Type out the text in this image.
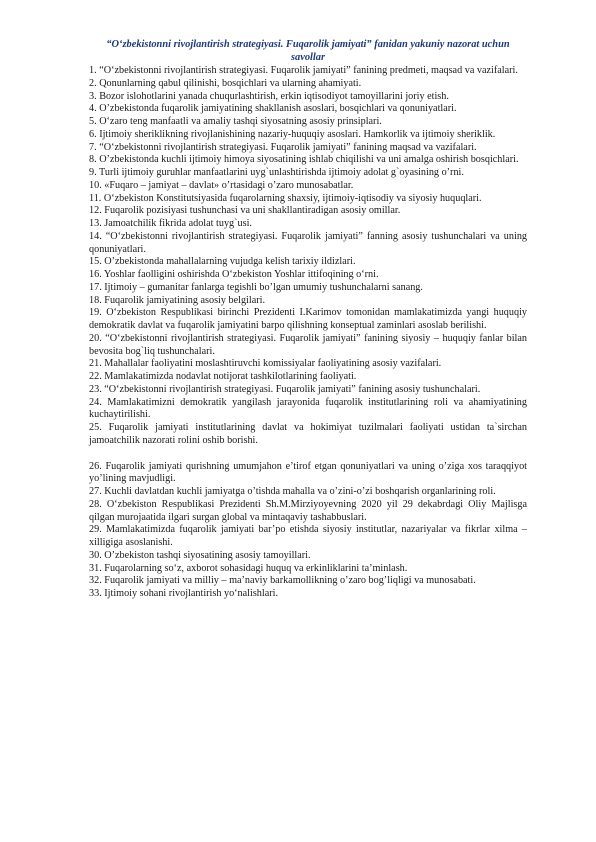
“O‘zbekistonni rivojlantirish strategiyasi. Fuqarolik jamiyati” fanidan yakuniy nazorat uchun savollar
1. “O‘zbekistonni rivojlantirish strategiyasi. Fuqarolik jamiyati” fanining predmeti, maqsad va vazifalari.
2. Qonunlarning qabul qilinishi, bosqichlari va ularning ahamiyati.
3. Bozor islohotlarini yanada chuqurlashtirish, erkin iqtisodiyot tamoyillarini joriy etish.
4. O’zbekistonda fuqarolik jamiyatining shakllanish asoslari, bosqichlari va qonuniyatlari.
5. O‘zaro teng manfaatli va amaliy tashqi siyosatning asosiy prinsiplari.
6. Ijtimoiy sheriklikning rivojlanishining nazariy-huquqiy asoslari. Hamkorlik va ijtimoiy sheriklik.
7. “O‘zbekistonni rivojlantirish strategiyasi. Fuqarolik jamiyati” fanining maqsad va vazifalari.
8. O’zbekistonda kuchli ijtimoiy himoya siyosatining ishlab chiqilishi va uni amalga oshirish bosqichlari.
9. Turli ijtimoiy guruhlar manfaatlarini uyg`unlashtirishda ijtimoiy adolat g`oyasining o’rni.
10. «Fuqaro – jamiyat – davlat» o’rtasidagi o’zaro munosabatlar.
11. O‘zbekiston Konstitutsiyasida fuqarolarning shaxsiy, ijtimoiy-iqtisodiy va siyosiy huquqlari.
12. Fuqarolik pozisiyasi tushunchasi va uni shakllantiradigan asosiy omillar.
13. Jamoatchilik fikrida adolat tuyg`usi.
14. “O‘zbekistonni rivojlantirish strategiyasi. Fuqarolik jamiyati” fanning asosiy tushunchalari va uning qonuniyatlari.
15. O’zbekistonda mahallalarning vujudga kelish tarixiy ildizlari.
16. Yoshlar faolligini oshirishda O‘zbekiston Yoshlar ittifoqining o‘rni.
17. Ijtimoiy – gumanitar fanlarga tegishli bo’lgan umumiy tushunchalarni sanang.
18. Fuqarolik jamiyatining asosiy belgilari.
19. O‘zbekiston Respublikasi birinchi Prezidenti I.Karimov tomonidan mamlakatimizda yangi huquqiy demokratik davlat va fuqarolik jamiyatini barpo qilishning konseptual zaminlari asoslab berilishi.
20. “O‘zbekistonni rivojlantirish strategiyasi. Fuqarolik jamiyati” fanining siyosiy – huquqiy fanlar bilan bevosita bog`liq tushunchalari.
21. Mahallalar faoliyatini moslashtiruvchi komissiyalar faoliyatining asosiy vazifalari.
22. Mamlakatimizda nodavlat notijorat tashkilotlarining faoliyati.
23. “O‘zbekistonni rivojlantirish strategiyasi. Fuqarolik jamiyati” fanining asosiy tushunchalari.
24. Mamlakatimizni demokratik yangilash jarayonida fuqarolik institutlarining roli va ahamiyatining kuchaytirilishi.
25. Fuqarolik jamiyati institutlarining davlat va hokimiyat tuzilmalari faoliyati ustidan ta`sirchan jamoatchilik nazorati rolini oshib borishi.
26. Fuqarolik jamiyati qurishning umumjahon e’tirof etgan qonuniyatlari va uning o’ziga xos taraqqiyot yo’lining mavjudligi.
27. Kuchli davlatdan kuchli jamiyatga o’tishda mahalla va o’zini-o’zi boshqarish organlarining roli.
28. O‘zbekiston Respublikasi Prezidenti Sh.M.Mirziyoyevning 2020 yil 29 dekabrdagi Oliy Majlisga qilgan murojaatida ilgari surgan global va mintaqaviy tashabbuslari.
29. Mamlakatimizda fuqarolik jamiyati bar’po etishda siyosiy institutlar, nazariyalar va fikrlar xilma – xilligiga asoslanishi.
30. O’zbekiston tashqi siyosatining asosiy tamoyillari.
31. Fuqarolarning so‘z, axborot sohasidagi huquq va erkinliklarini ta’minlash.
32. Fuqarolik jamiyati va milliy – ma’naviy barkamollikning o’zaro bog’liqligi va munosabati.
33. Ijtimoiy sohani rivojlantirish yo‘nalishlari.
